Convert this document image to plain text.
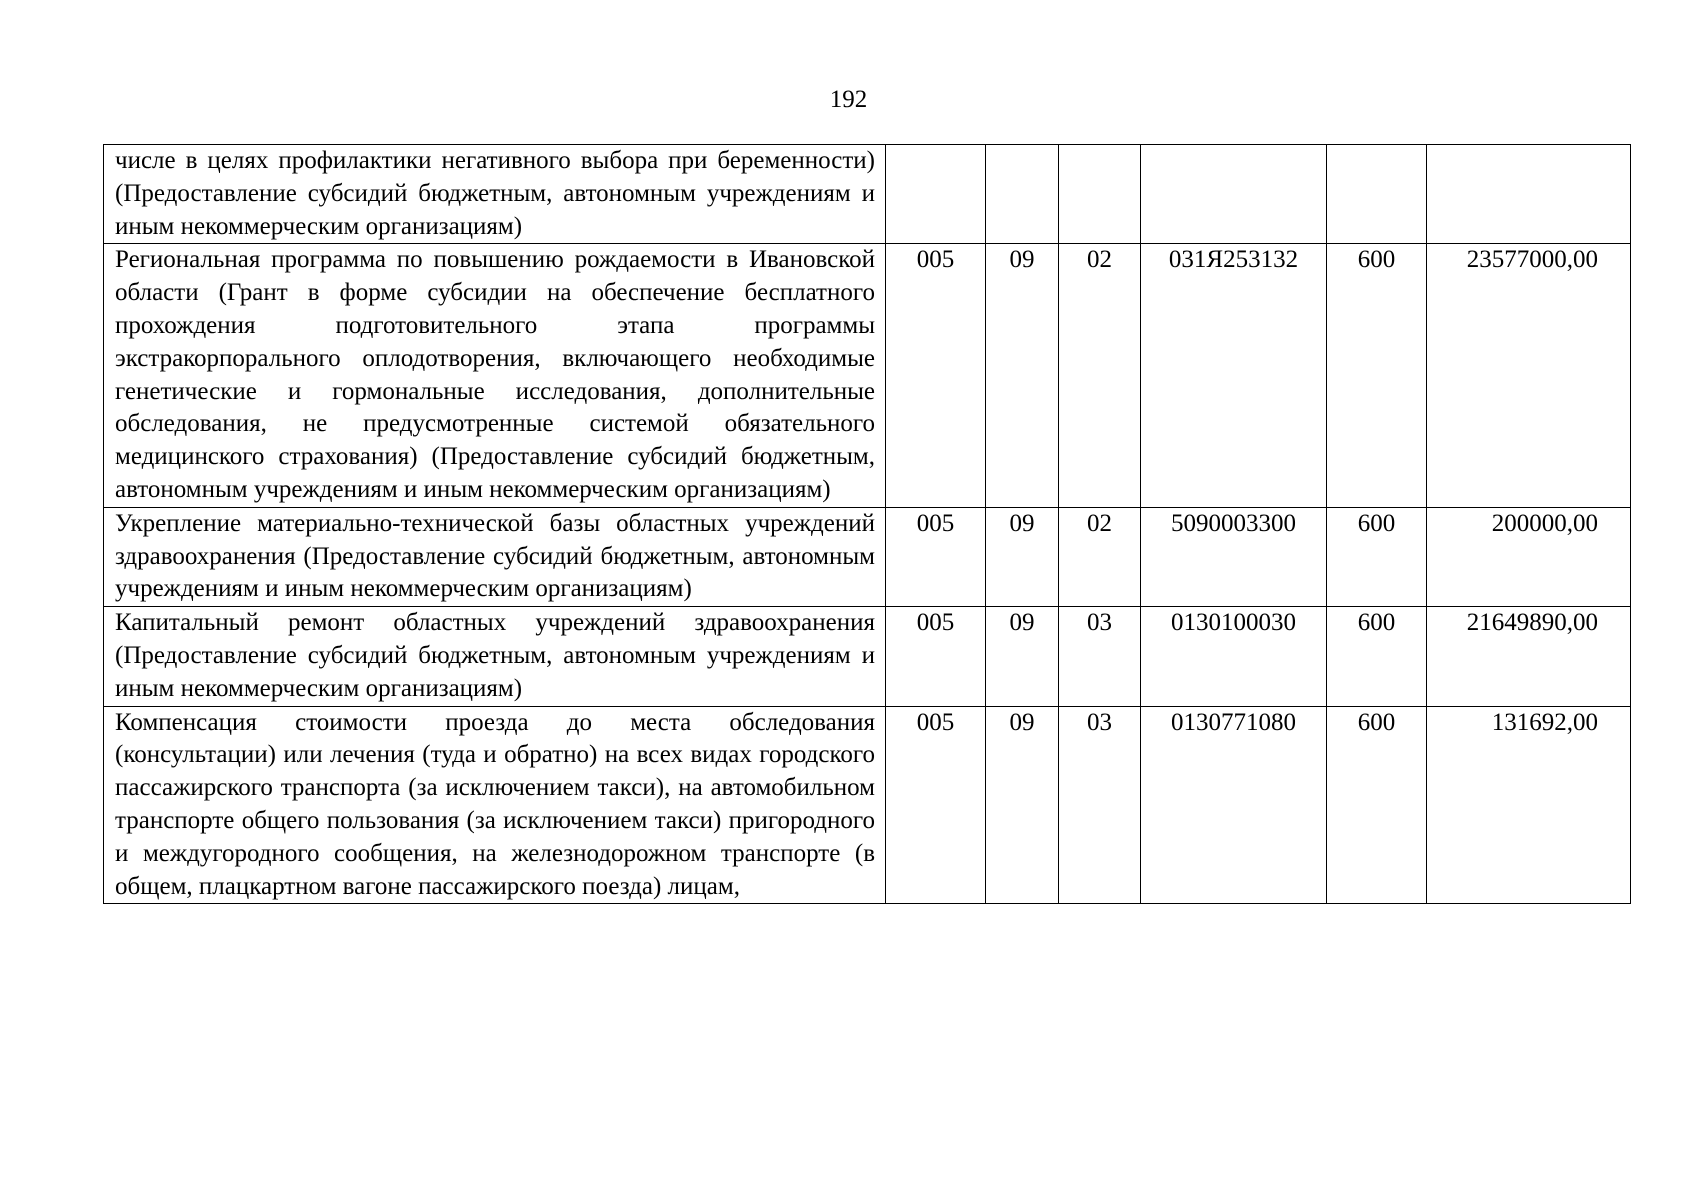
192
числе в целях профилактики негативного выбора при беременности) (Предоставление субсидий бюджетным, автономным учреждениям и иным некоммерческим организациям)						
Региональная программа по повышению рождаемости в Ивановской области (Грант в форме субсидии на обеспечение бесплатного прохождения подготовительного этапа программы экстракорпорального оплодотворения, включающего необходимые генетические и гормональные исследования, дополнительные обследования, не предусмотренные системой обязательного медицинского страхования) (Предоставление субсидий бюджетным, автономным учреждениям и иным некоммерческим организациям)	005	09	02	031Я253132	600	23577000,00
Укрепление материально-технической базы областных учреждений здравоохранения (Предоставление субсидий бюджетным, автономным учреждениям и иным некоммерческим организациям)	005	09	02	5090003300	600	200000,00
Капитальный ремонт областных учреждений здравоохранения (Предоставление субсидий бюджетным, автономным учреждениям и иным некоммерческим организациям)	005	09	03	0130100030	600	21649890,00
Компенсация стоимости проезда до места обследования (консультации) или лечения (туда и обратно) на всех видах городского пассажирского транспорта (за исключением такси), на автомобильном транспорте общего пользования (за исключением такси) пригородного и междугородного сообщения, на железнодорожном транспорте (в общем, плацкартном вагоне пассажирского поезда) лицам,	005	09	03	0130771080	600	131692,00
